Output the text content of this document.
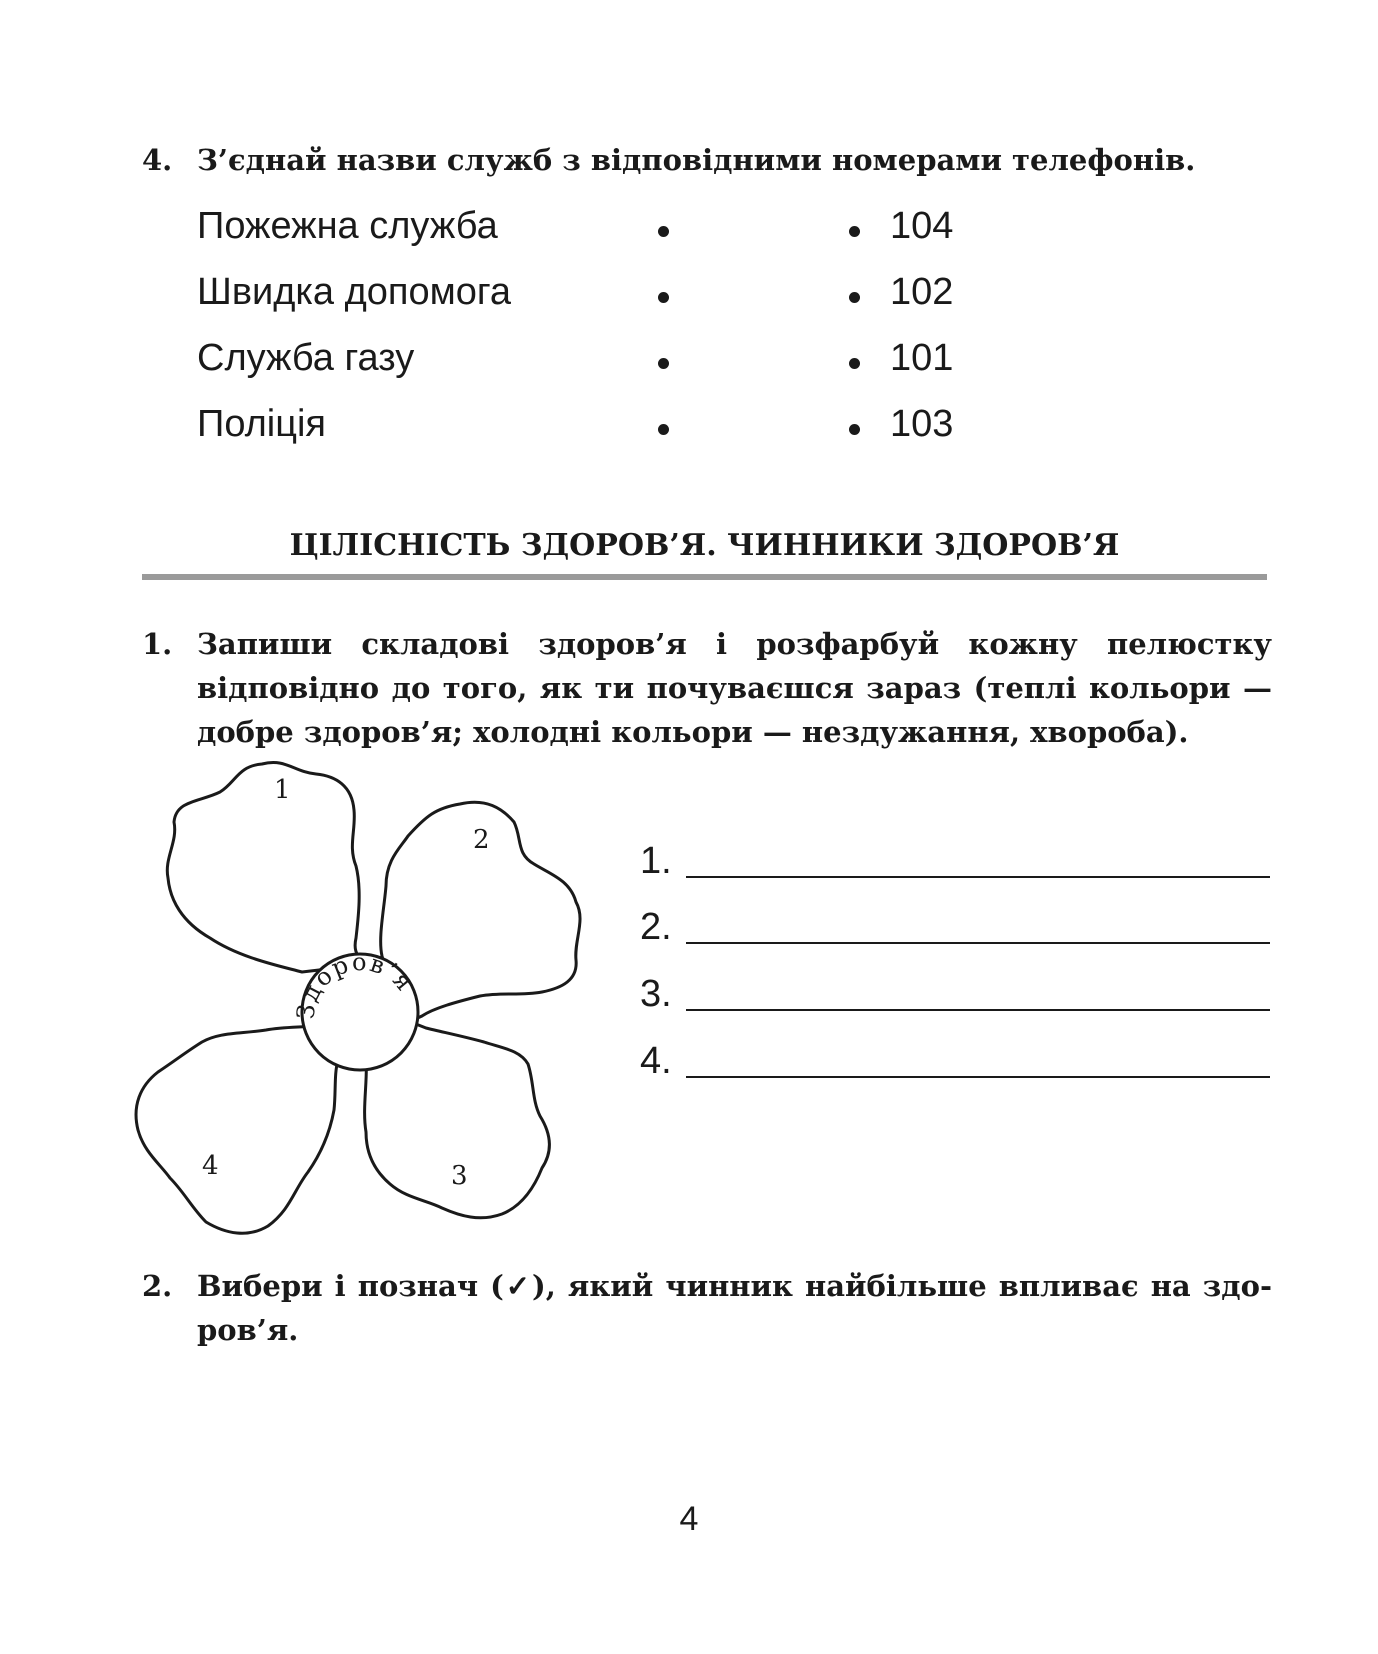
4. З’єднай назви служб з відповідними номерами телефонів.
Пожежна служба	104
Швидка допомога	102
Служба газу	101
Поліція	103
ЦІЛІСНІСТЬ ЗДОРОВ’Я. ЧИННИКИ ЗДОРОВ’Я
1. Запиши складові здоров’я і розфарбуй кожну пелюстку
відповідно до того, як ти почуваєшся зараз (теплі кольори —
добре здоров’я; холодні кольори — нездужання, хвороба).
Здоров’я
1
2
3
4
1.
2.
3.
4.
2. Вибери і познач (✓), який чинник найбільше впливає на здо-
ров’я.
4
